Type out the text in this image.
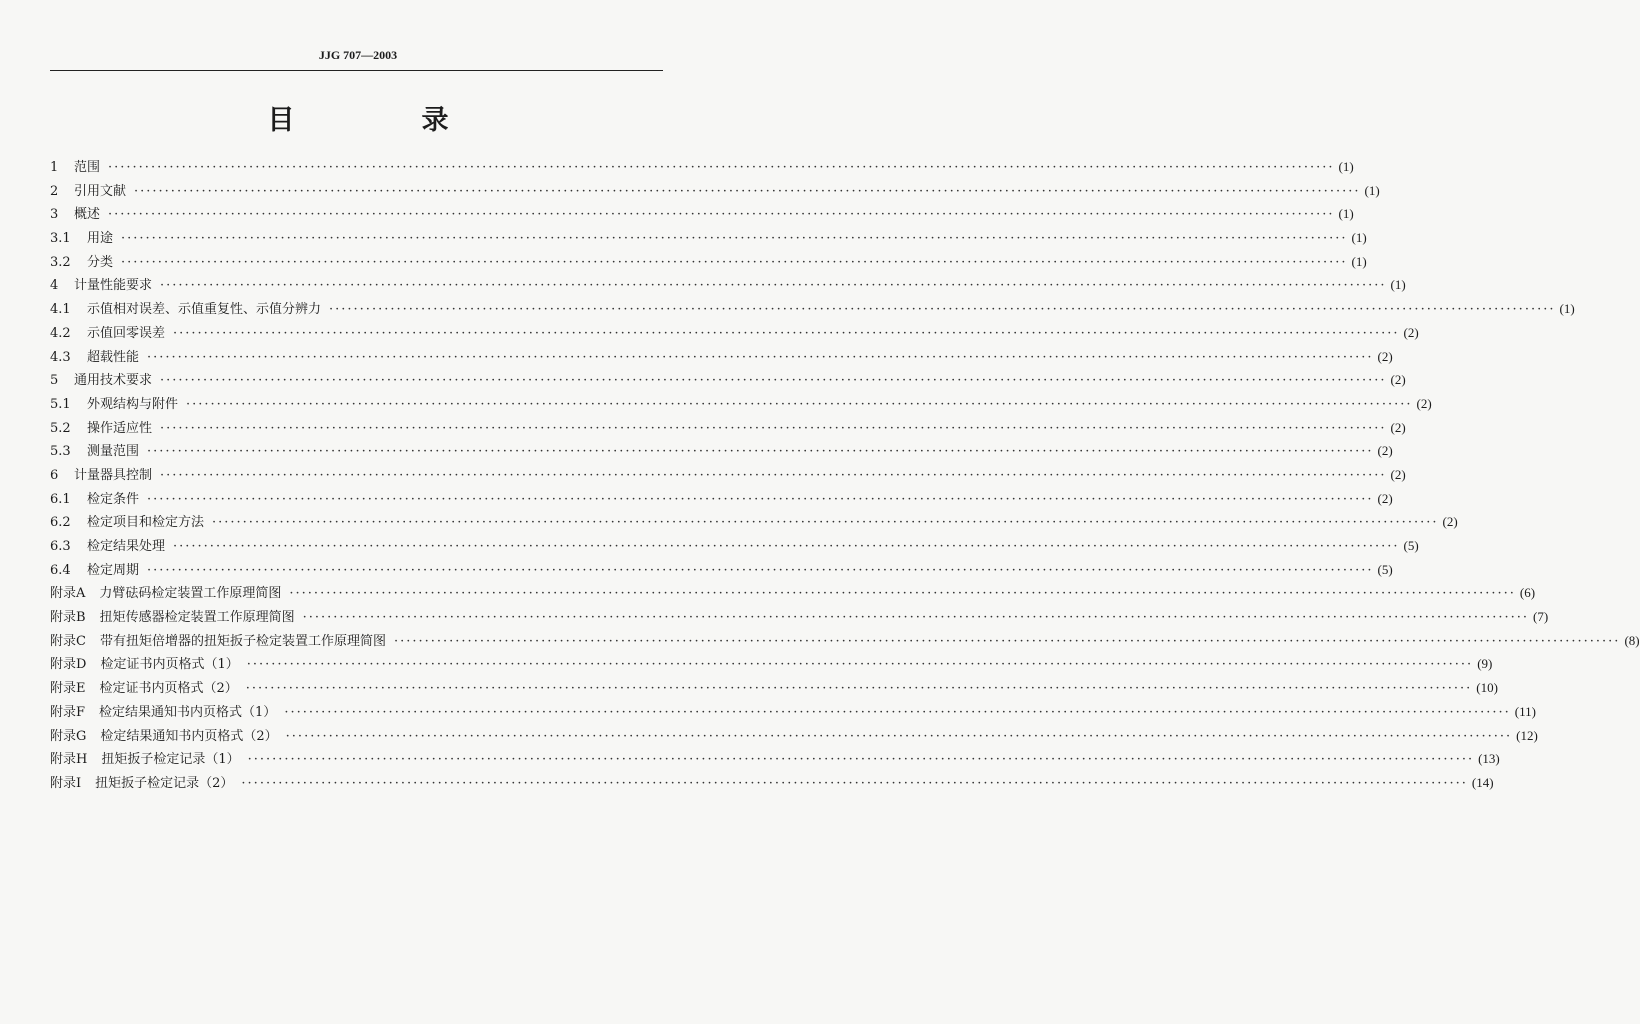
JJG 707—2003
目　录
1	范围 ········································································································································································································ (1)
2	引用文献 ········································································································································································································ (1)
3	概述 ········································································································································································································ (1)
3.1	用途 ········································································································································································································ (1)
3.2	分类 ········································································································································································································ (1)
4	计量性能要求 ········································································································································································································ (1)
4.1	示值相对误差、示值重复性、示值分辨力 ········································································································································································································ (1)
4.2	示值回零误差 ········································································································································································································ (2)
4.3	超载性能 ········································································································································································································ (2)
5	通用技术要求 ········································································································································································································ (2)
5.1	外观结构与附件 ········································································································································································································ (2)
5.2	操作适应性 ········································································································································································································ (2)
5.3	测量范围 ········································································································································································································ (2)
6	计量器具控制 ········································································································································································································ (2)
6.1	检定条件 ········································································································································································································ (2)
6.2	检定项目和检定方法 ········································································································································································································ (2)
6.3	检定结果处理 ········································································································································································································ (5)
6.4	检定周期 ········································································································································································································ (5)
附录A	力臂砝码检定装置工作原理简图 ········································································································································································································ (6)
附录B	扭矩传感器检定装置工作原理简图 ········································································································································································································ (7)
附录C	带有扭矩倍增器的扭矩扳子检定装置工作原理简图 ········································································································································································································ (8)
附录D	检定证书内页格式（1） ········································································································································································································ (9)
附录E	检定证书内页格式（2） ········································································································································································································ (10)
附录F	检定结果通知书内页格式（1） ········································································································································································································ (11)
附录G	检定结果通知书内页格式（2） ········································································································································································································ (12)
附录H	扭矩扳子检定记录（1） ········································································································································································································ (13)
附录I	扭矩扳子检定记录（2） ········································································································································································································ (14)
